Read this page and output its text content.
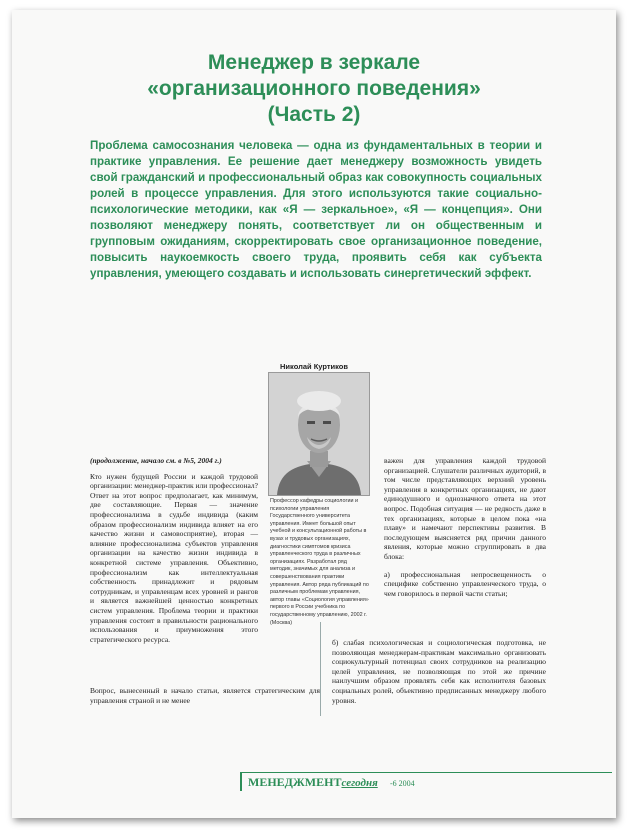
Менеджер в зеркале
«организационного поведения»
(Часть 2)
Проблема самосознания человека — одна из фундаментальных в теории и практике управления. Ее решение дает менеджеру возможность увидеть свой гражданский и профессиональный образ как совокупность социальных ролей в процессе управления. Для этого используются такие социально-психологические методики, как «Я — зеркальное», «Я — концепция». Они позволяют менеджеру понять, соответствует ли он общественным и групповым ожиданиям, скорректировать свое организационное поведение, повысить наукоемкость своего труда, проявить себя как субъекта управления, умеющего создавать и использовать синергетический эффект.
Николай Куртиков
Профессор кафедры социологии и психологии управления Государственного университета управления. Имеет большой опыт учебной и консультационной работы в вузах и трудовых организациях, диагностики симптомов кризиса управленческого труда в различных организациях. Разработал ряд методик, значимых для анализа и совершенствования практики управления. Автор ряда публикаций по различным проблемам управления, автор главы «Социология управления» первого в России учебника по государственному управлению, 2002 г. (Москва)

(продолжение, начало см. в №5, 2004 г.)

Кто нужен будущей России и каждой трудовой организации: менеджер-практик или профессионал? Ответ на этот вопрос предполагает, как минимум, две составляющие. Первая — значение профессионализма в судьбе индивида (каким образом профессионализм индивида влияет на его качество жизни и самовосприятие), вторая — влияние профессионализма субъектов управления организации на качество жизни индивида в конкретной системе управления. Объективно, профессионализм как интеллектуальная собственность принадлежит и рядовым сотрудникам, и управленцам всех уровней и рангов и является важнейшей ценностью конкретных систем управления. Проблема теории и практики управления состоит в правильности рационального использования и приумножения этого стратегического ресурса.

Вопрос, вынесенный в начало статьи, является стратегическим для управления страной и не менее

важен для управления каждой трудовой организацией. Слушатели различных аудиторий, в том числе представляющих верхний уровень управления в конкретных организациях, не дают единодушного и однозначного ответа на этот вопрос. Подобная ситуация — не редкость даже в тех организациях, которые в целом пока «на плаву» и намечают перспективы развития. В последующем выясняется ряд причин данного явления, которые можно сгруппировать в два блока:

а) профессиональная непросвещенность о специфике собственно управленческого труда, о чем говорилось в первой части статьи;

б) слабая психологическая и социологическая подготовка, не позволяющая менеджерам-практикам максимально организовать социокультурный потенциал своих сотрудников на реализацию целей управления, не позволяющая по этой же причине наилучшим образом проявлять себя как исполнителя базовых социальных ролей, объективно предписанных менеджеру любого уровня.

МЕНЕДЖМЕНТсегодня -6 2004
